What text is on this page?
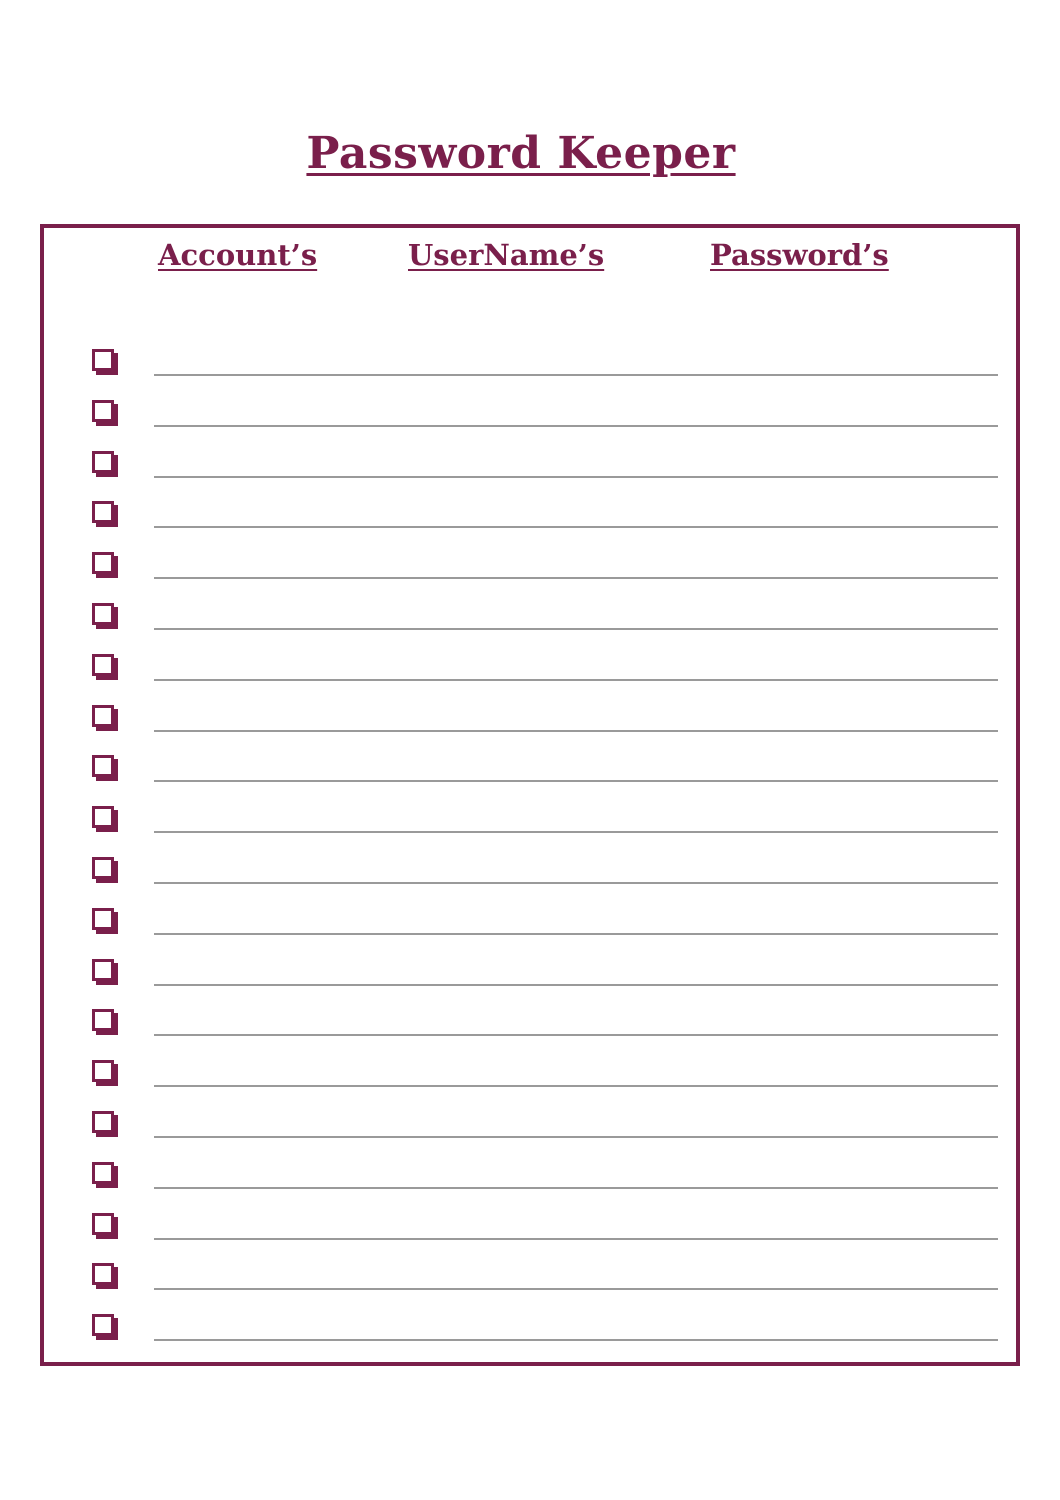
Password Keeper
Account’s	UserName’s	Password’s
